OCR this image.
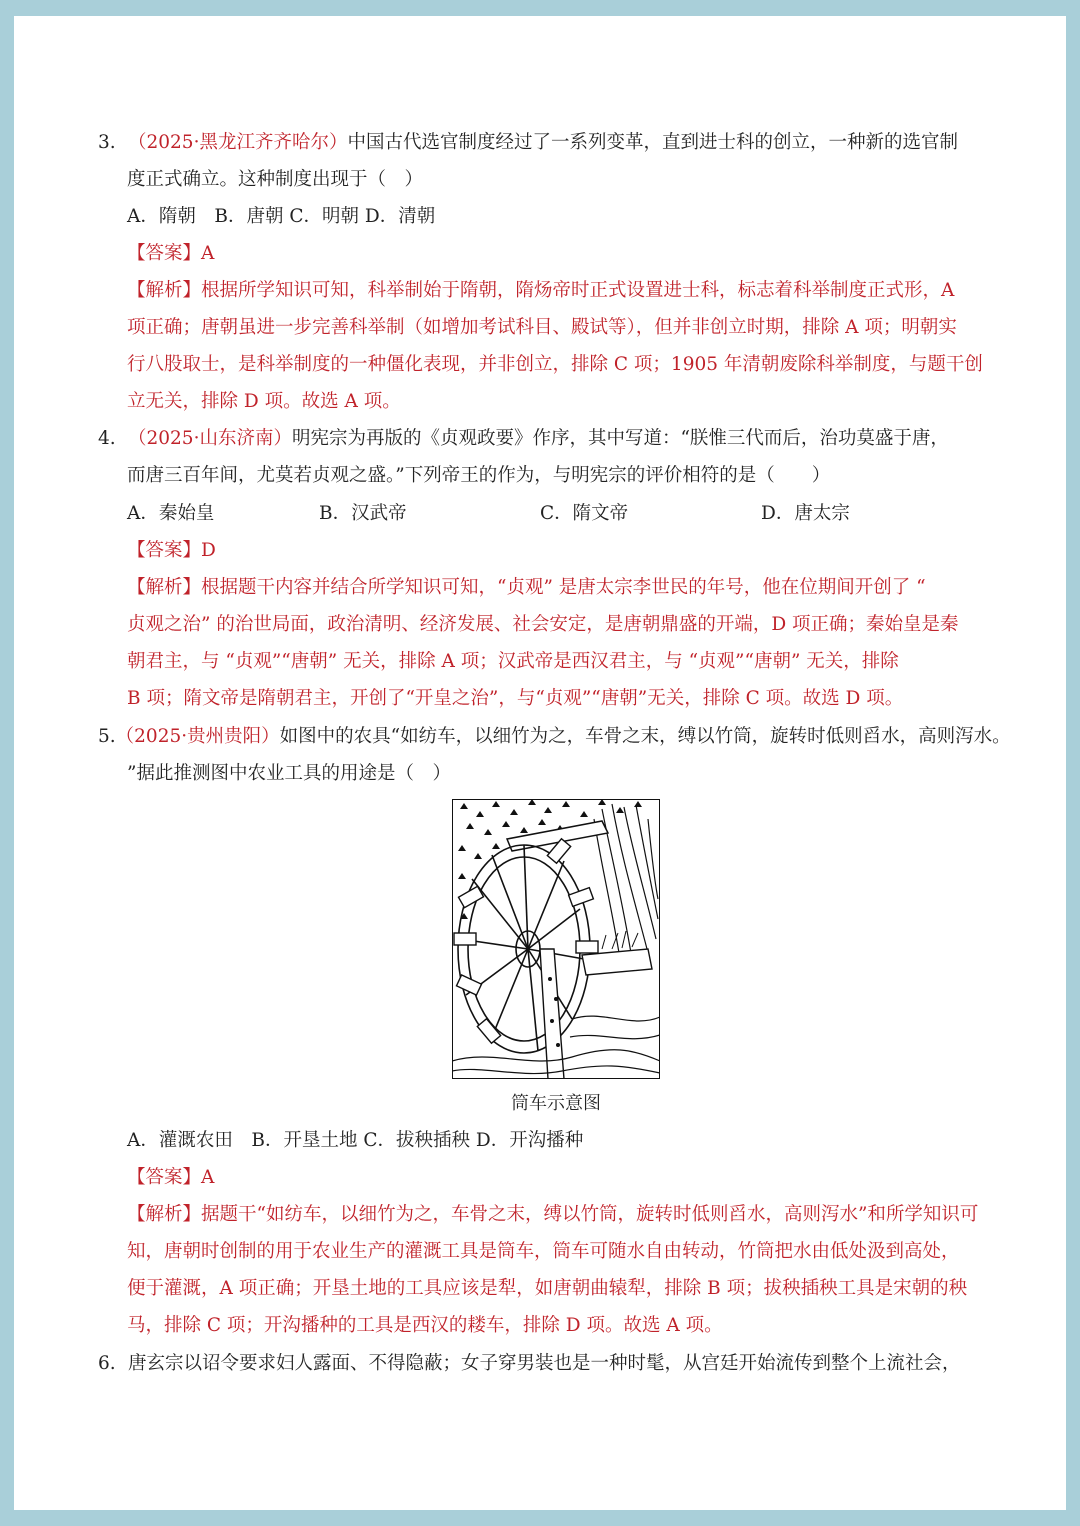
3. （2025·黑龙江齐齐哈尔）中国古代选官制度经过了一系列变革，直到进士科的创立，一种新的选官制
度正式确立。这种制度出现于（　）
A．隋朝　B．唐朝 C．明朝 D．清朝
【答案】A
【解析】根据所学知识可知，科举制始于隋朝，隋炀帝时正式设置进士科，标志着科举制度正式形，A
项正确；唐朝虽进一步完善科举制（如增加考试科目、殿试等），但并非创立时期，排除 A 项；明朝实
行八股取士，是科举制度的一种僵化表现，并非创立，排除 C 项；1905 年清朝废除科举制度，与题干创
立无关，排除 D 项。故选 A 项。
4. （2025·山东济南）明宪宗为再版的《贞观政要》作序，其中写道：“朕惟三代而后，治功莫盛于唐，
而唐三百年间，尤莫若贞观之盛。”下列帝王的作为，与明宪宗的评价相符的是（　　）
A．秦始皇	B．汉武帝	C．隋文帝	D．唐太宗
【答案】D
【解析】根据题干内容并结合所学知识可知，“贞观” 是唐太宗李世民的年号，他在位期间开创了 “
贞观之治” 的治世局面，政治清明、经济发展、社会安定，是唐朝鼎盛的开端，D 项正确；秦始皇是秦
朝君主，与 “贞观”“唐朝” 无关，排除 A 项；汉武帝是西汉君主，与 “贞观”“唐朝” 无关，排除
B 项；隋文帝是隋朝君主，开创了“开皇之治”，与“贞观”“唐朝”无关，排除 C 项。故选 D 项。
5.（2025·贵州贵阳）如图中的农具“如纺车，以细竹为之，车骨之末，缚以竹筒，旋转时低则舀水，高则泻水。
”据此推测图中农业工具的用途是（　）
筒车示意图
A．灌溉农田　B．开垦土地 C．拔秧插秧 D．开沟播种
【答案】A
【解析】据题干“如纺车，以细竹为之，车骨之末，缚以竹筒，旋转时低则舀水，高则泻水”和所学知识可
知，唐朝时创制的用于农业生产的灌溉工具是筒车，筒车可随水自由转动，竹筒把水由低处汲到高处，
便于灌溉，A 项正确；开垦土地的工具应该是犁，如唐朝曲辕犁，排除 B 项；拔秧插秧工具是宋朝的秧
马，排除 C 项；开沟播种的工具是西汉的耧车，排除 D 项。故选 A 项。
6. 唐玄宗以诏令要求妇人露面、不得隐蔽；女子穿男装也是一种时髦，从宫廷开始流传到整个上流社会，
